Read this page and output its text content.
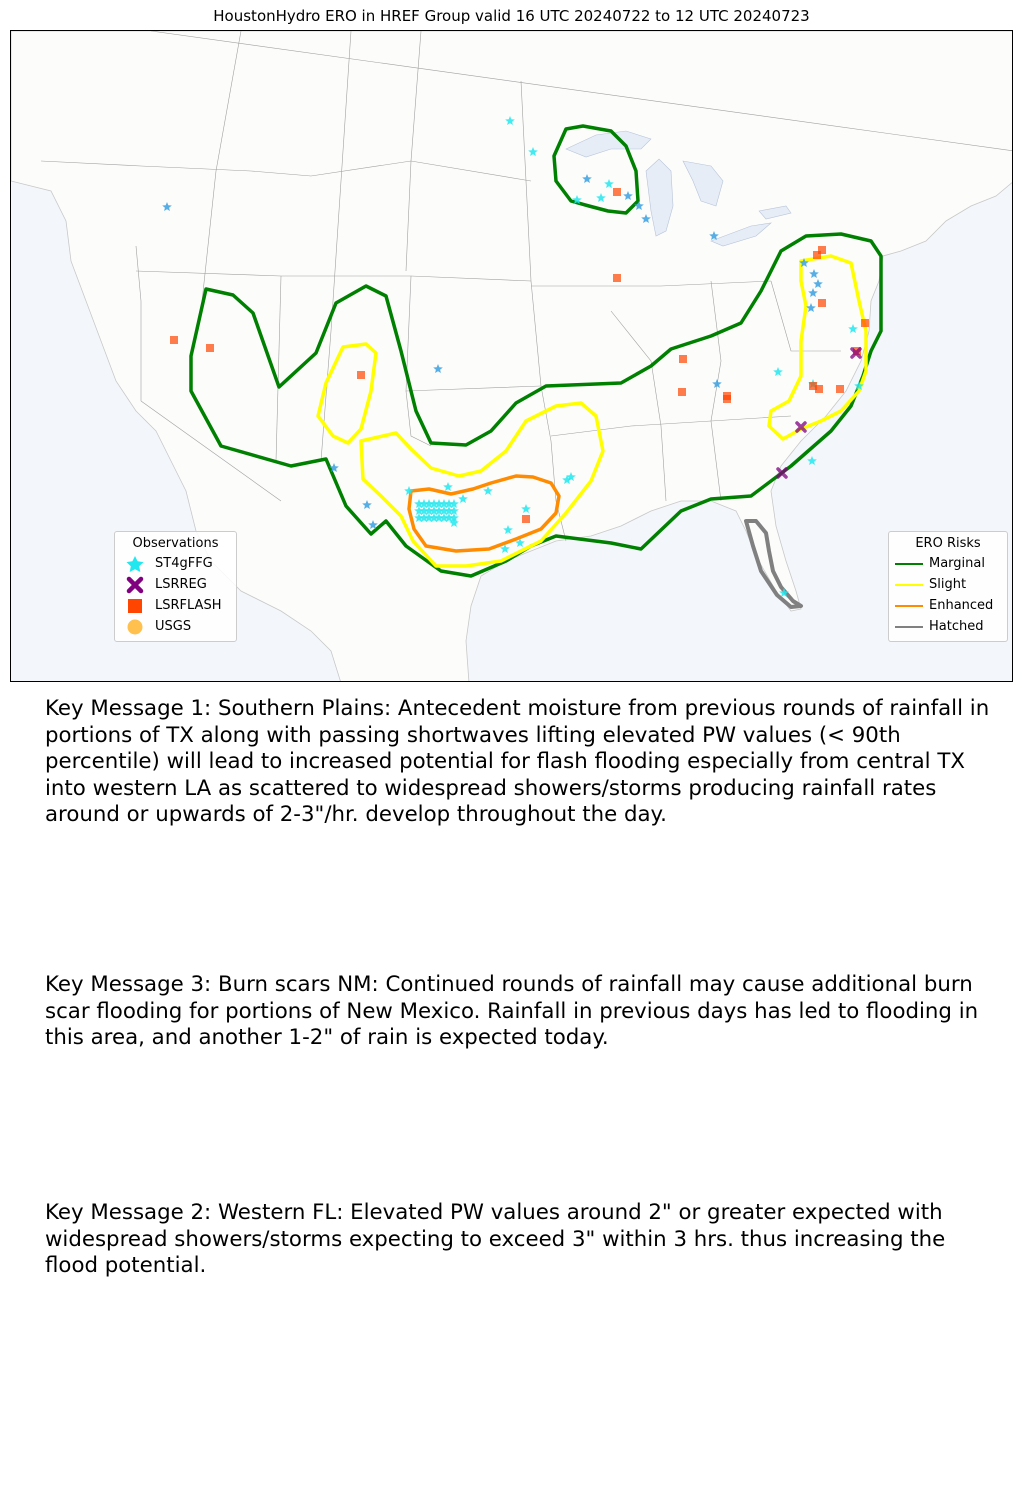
HoustonHydro ERO in HREF Group valid 16 UTC 20240722 to 12 UTC 20240723
Observations
ST4gFFG
LSRREG
LSRFLASH
USGS
ERO Risks
Marginal
Slight
Enhanced
Hatched
Key Message 1: Southern Plains: Antecedent moisture from previous rounds of rainfall in portions of TX along with passing shortwaves lifting elevated PW values (< 90th percentile) will lead to increased potential for flash flooding especially from central TX into western LA as scattered to widespread showers/storms producing rainfall rates around or upwards of 2-3"/hr. develop throughout the day.
Key Message 3: Burn scars NM: Continued rounds of rainfall may cause additional burn scar flooding for portions of New Mexico. Rainfall in previous days has led to flooding in this area, and another 1-2" of rain is expected today.
Key Message 2: Western FL: Elevated PW values around 2" or greater expected with widespread showers/storms expecting to exceed 3" within 3 hrs. thus increasing the flood potential.
